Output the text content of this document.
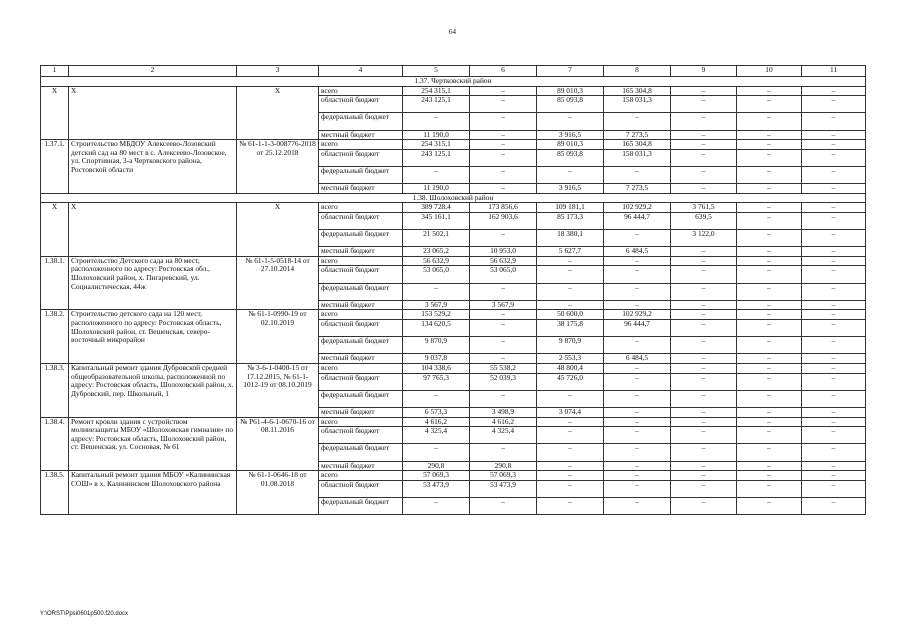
64
1	2	3	4	5	6	7	8	9	10	11
1.37. Чертковский район										
X	X	X	всего	254 315,1	–	89 010,3	165 304,8	–	–	–
			областной бюджет	243 125,1	–	85 093,8	158 031,3	–	–	–
			федеральный бюджет	–	–	–	–	–	–	–
			местный бюджет	11 190,0	–	3 916,5	7 273,5	–	–	–
1.37.1.	Строительство МБДОУ Алексеево-Лозовский детский сад на 80 мест в с. Алексеево-Лозовское, ул. Спортивная, 3-а Чертковского района, Ростовской области	№ 61-1-1-3-008776-2018 от 25.12.2018	всего	254 315,1	–	89 010,3	165 304,8	–	–	–
			областной бюджет	243 125,1	–	85 093,8	158 031,3	–	–	–
			федеральный бюджет	–	–	–	–	–	–	–
			местный бюджет	11 190,0	–	3 916,5	7 273,5	–	–	–
1.38. Шолоховский район										
X	X	X	всего	389 728,4	173 856,6	109 181,1	102 929,2	3 761,5	–	–
			областной бюджет	345 161,1	162 903,6	85 173,3	96 444,7	639,5	–	–
			федеральный бюджет	21 502,1	–	18 380,1	–	3 122,0	–	–
			местный бюджет	23 065,2	10 953,0	5 627,7	6 484,5	–	–	–
1.38.1.	Строительство Детского сада на 80 мест, расположенного по адресу: Ростовская обл., Шолоховский район, х. Пигаревский, ул. Социалистическая, 44ж	№ 61-1-5-0518-14 от 27.10.2014	всего	56 632,9	56 632,9	–	–	–	–	–
			областной бюджет	53 065,0	53 065,0	–	–	–	–	–
			федеральный бюджет	–	–	–	–	–	–	–
			местный бюджет	3 567,9	3 567,9	–	–	–	–	–
1.38.2.	Строительство детского сада на 120 мест, расположенного по адресу: Ростовская область, Шолоховский район, ст. Вешенская, северо-восточный микрорайон	№ 61-1-0990-19 от 02.10.2019	всего	153 529,2	–	50 600,0	102 929,2	–	–	–
			областной бюджет	134 620,5	–	38 175,8	96 444,7	–	–	–
			федеральный бюджет	9 870,9	–	9 870,9	–	–	–	–
			местный бюджет	9 037,8	–	2 553,3	6 484,5	–	–	–
1.38.3.	Капитальный ремонт здания Дубровской средней общеобразовательной школы, расположенной по адресу: Ростовская область, Шолоховский район, х. Дубровский, пер. Школьный, 1	№ 3-6-1-0400-15 от 17.12.2015, № 61-1-1012-19 от 08.10.2019	всего	104 338,6	55 538,2	48 800,4	–	–	–	–
			областной бюджет	97 765,3	52 039,3	45 726,0	–	–	–	–
			федеральный бюджет	–	–	–	–	–	–	–
			местный бюджет	6 573,3	3 498,9	3 074,4	–	–	–	–
1.38.4.	Ремонт кровли здания с устройством молниезащиты МБОУ «Шолоховская гимназия» по адресу: Ростовская область, Шолоховский район, ст. Вешенская, ул. Сосновая, № 61	№ Р61-4-6-1-0670-16 от 08.11.2016	всего	4 616,2	4 616,2	–	–	–	–	–
			областной бюджет	4 325,4	4 325,4	–	–	–	–	–
			федеральный бюджет	–	–	–	–	–	–	–
			местный бюджет	290,8	290,8	–	–	–	–	–
1.38.5.	Капитальный ремонт здания МБОУ «Калининская СОШ» в х. Калининском Шолоховского района	№ 61-1-0646-18 от 01.08.2018	всего	57 069,3	57 069,3	–	–	–	–	–
			областной бюджет	53 473,9	53 473,9	–	–	–	–	–
			федеральный бюджет	–	–	–	–	–	–	–
Y:\ORST\Ppsi0601p500.f20.docx
